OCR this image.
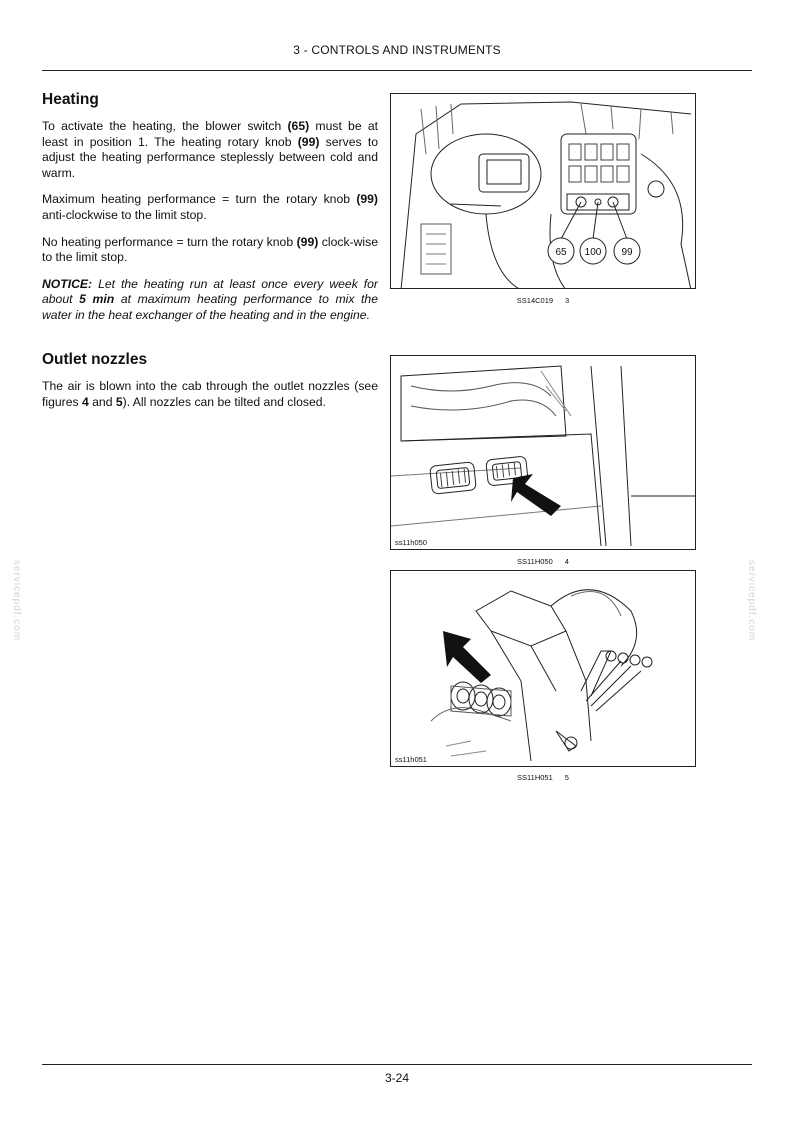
3 - CONTROLS AND INSTRUMENTS
Heating

To activate the heating, the blower switch (65) must be at least in position 1. The heating rotary knob (99) serves to adjust the heating performance steplessly between cold and warm.

Maximum heating performance = turn the rotary knob (99) anti-clockwise to the limit stop.

No heating performance = turn the rotary knob (99) clock-wise to the limit stop.

NOTICE: Let the heating run at least once every week for about 5 min at maximum heating performance to mix the water in the heat exchanger of the heating and in the engine.

Outlet nozzles

The air is blown into the cab through the outlet nozzles (see figures 4 and 5). All nozzles can be tilted and closed.

65 100 99
SS14C019 3
ss11h050
SS11H050 4
ss11h051
SS11H051 5
servicepdf.com	servicepdf.com
3-24
